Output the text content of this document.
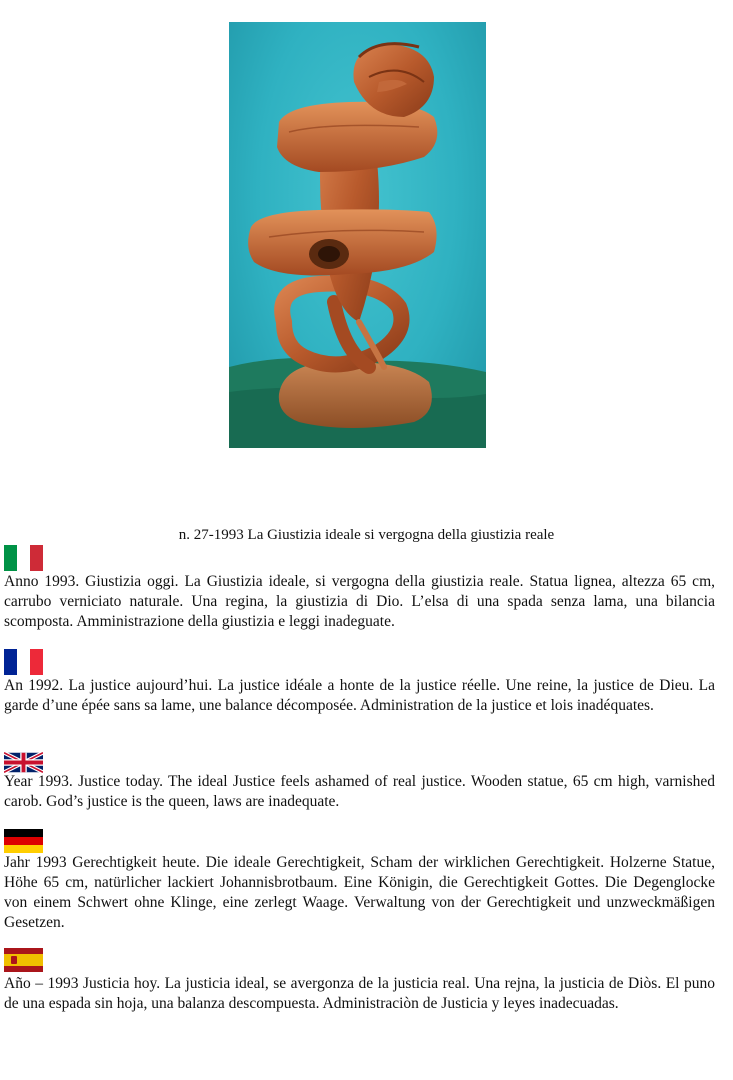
n. 27-1993 La Giustizia ideale si vergogna della giustizia reale
Anno 1993. Giustizia oggi. La Giustizia ideale, si vergogna della giustizia reale. Statua lignea, altezza 65 cm, carrubo verniciato naturale. Una regina, la giustizia di Dio. L’elsa di una spada senza lama, una bilancia scomposta. Amministrazione della giustizia e leggi inadeguate.
An 1992. La justice aujourd’hui. La justice idéale a honte de la justice réelle. Une reine, la justice de Dieu. La garde d’une épée sans sa lame, une balance décomposée. Administration de la justice et lois inadéquates.
Year 1993. Justice today. The ideal Justice feels ashamed of real justice. Wooden statue, 65 cm high, varnished carob. God’s justice is the queen, laws are inadequate.
Jahr 1993 Gerechtigkeit heute. Die ideale Gerechtigkeit, Scham der wirklichen Gerechtigkeit. Holzerne Statue, Höhe 65 cm, natürlicher lackiert Johannisbrotbaum. Eine Königin, die Gerechtigkeit Gottes. Die Degenglocke von einem Schwert ohne Klinge, eine zerlegt Waage. Verwaltung von der Gerechtigkeit und unzweckmäßigen Gesetzen.
Año – 1993 Justicia hoy. La justicia ideal, se avergonza de la justicia real. Una rejna, la justicia de Diòs. El puno de una espada sin hoja, una balanza descompuesta. Administraciòn de Justicia y leyes inadecuadas.
